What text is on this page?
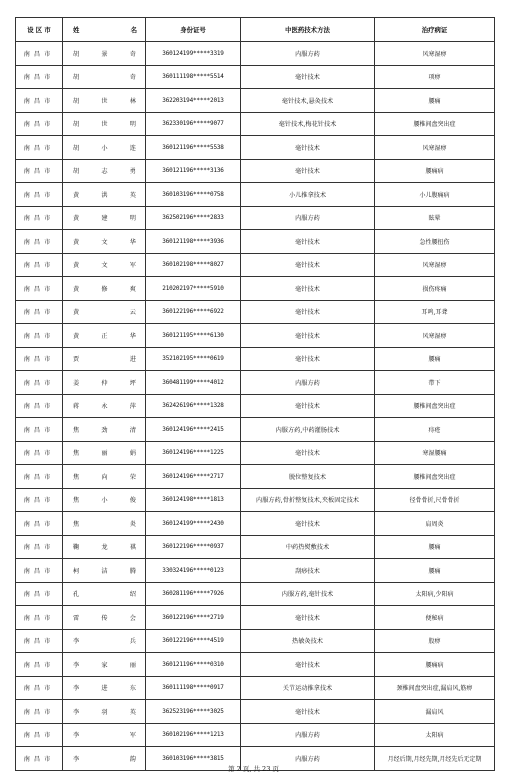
设 区 市	姓 名	身份证号	中医药技术方法	治疗病证
南昌市	胡景奇	360124199*****3319	内服方药	风寒湿痹
南昌市	胡奇	360111198*****5514	毫针技术	项痹
南昌市	胡世林	362203194*****2013	毫针技术,悬灸技术	腰痛
南昌市	胡世明	362330196*****9077	毫针技术,梅花针技术	腰椎间盘突出症
南昌市	胡小连	360121196*****5538	毫针技术	风寒湿痹
南昌市	胡志勇	360121196*****3136	毫针技术	腰痛病
南昌市	黄洪英	360103196*****0758	小儿推拿技术	小儿腹痛病
南昌市	黄建明	362502196*****2833	内服方药	眩晕
南昌市	黄文华	360121198*****3936	毫针技术	急性腰扭伤
南昌市	黄文军	360102198*****8027	毫针技术	风寒湿痹
南昌市	黄修爽	210202197*****5910	毫针技术	损伤疼痛
南昌市	黄云	360122196*****6922	毫针技术	耳鸣,耳聋
南昌市	黄正华	360121195*****6130	毫针技术	风寒湿痹
南昌市	贾进	352102195*****0619	毫针技术	腰痛
南昌市	姜仲坪	360481199*****4012	内服方药	带下
南昌市	蒋永萍	362426196*****1328	毫针技术	腰椎间盘突出症
南昌市	焦劲清	360124196*****2415	内服方药,中药灌肠技术	痔疮
南昌市	焦丽娟	360124196*****1225	毫针技术	寒湿腰痛
南昌市	焦向荣	360124196*****2717	脱位整复技术	腰椎间盘突出症
南昌市	焦小俊	360124198*****1813	内服方药,骨折整复技术,夹板固定技术	径骨骨折,尺骨骨折
南昌市	焦炎	360124199*****2430	毫针技术	肩周炎
南昌市	鞠龙祺	360122196*****0937	中药热熨敷技术	腰痛
南昌市	柯洁腾	330324196*****0123	刮痧技术	腰痛
南昌市	孔绍	360281196*****7926	内服方药,毫针技术	太阳病,少阳病
南昌市	雷传会	360122196*****2719	毫针技术	便秘病
南昌市	李兵	360122196*****4519	热敏灸技术	股痹
南昌市	李家丽	360121196*****0310	毫针技术	腰痛病
南昌市	李进东	360111198*****0917	关节运动推拿技术	颈椎间盘突出症,漏肩风,筋痹
南昌市	李羽英	362523196*****3025	毫针技术	漏肩风
南昌市	李军	360102196*****1213	内服方药	太阳病
南昌市	李韵	360103196*****3815	内服方药	月经后期,月经先期,月经先后无定期
第 2 页, 共 23 页
